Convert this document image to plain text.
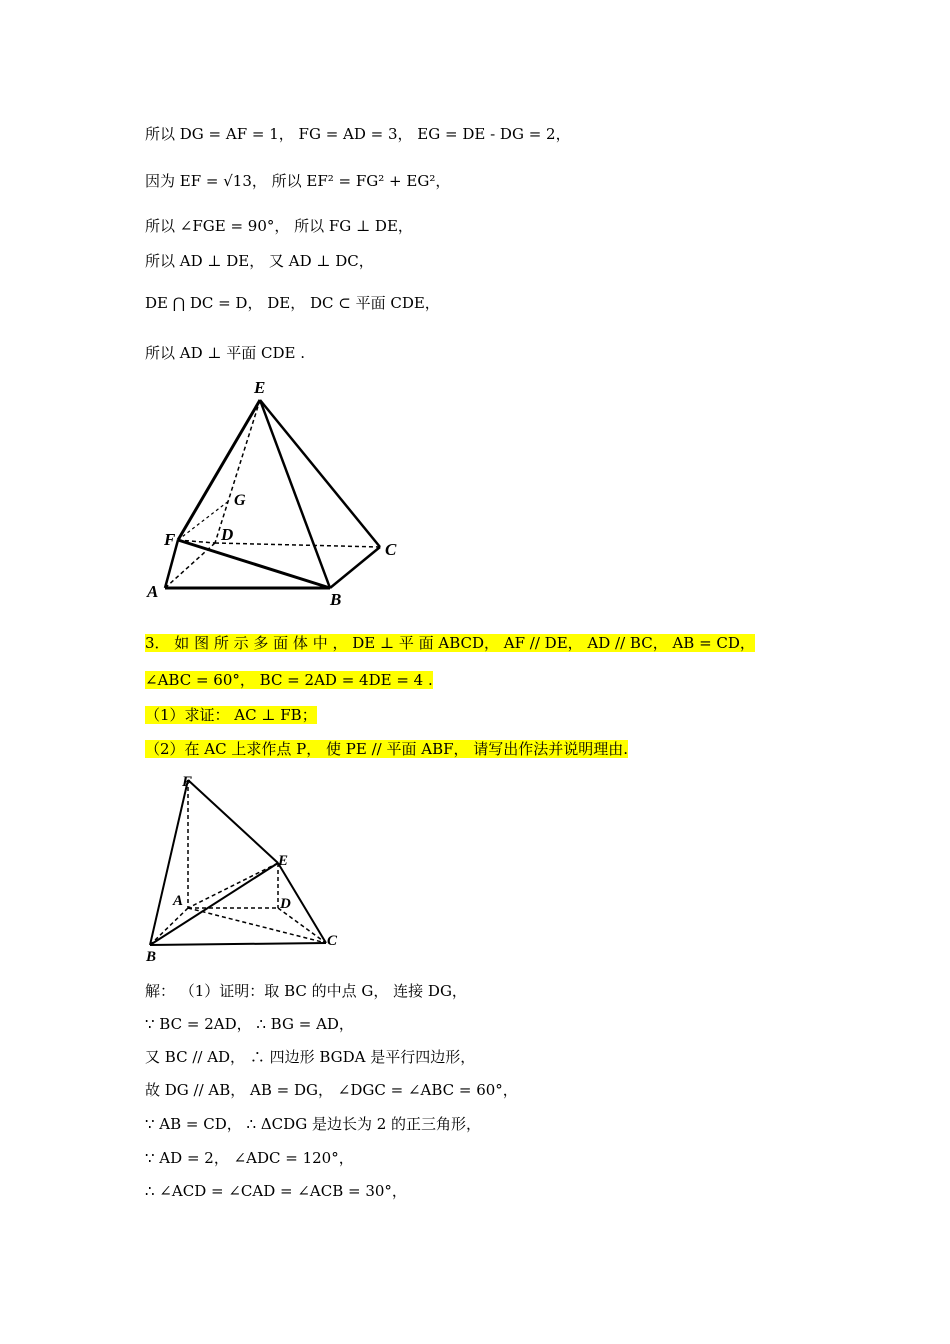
所以 DG = AF = 1， FG = AD = 3， EG = DE - DG = 2，
因为 EF = √13， 所以 EF² = FG² + EG²，
所以 ∠FGE = 90°， 所以 FG ⊥ DE，
所以 AD ⊥ DE， 又 AD ⊥ DC，
DE ⋂ DC = D， DE， DC ⊂ 平面 CDE，
所以 AD ⊥ 平面 CDE .
E
G
F	D
C
A	B
3． 如 图 所 示 多 面 体 中 ， DE ⊥ 平 面 ABCD， AF // DE， AD // BC， AB = CD，
∠ABC = 60°， BC = 2AD = 4DE = 4 .
（1）求证： AC ⊥ FB；
（2）在 AC 上求作点 P， 使 PE // 平面 ABF， 请写出作法并说明理由.
F
E
A	D
B
C
解： （1）证明：取 BC 的中点 G， 连接 DG，
∵ BC = 2AD， ∴ BG = AD，
又 BC // AD， ∴ 四边形 BGDA 是平行四边形，
故 DG // AB， AB = DG， ∠DGC = ∠ABC = 60°，
∵ AB = CD， ∴ ΔCDG 是边长为 2 的正三角形，
∵ AD = 2， ∠ADC = 120°，
∴ ∠ACD = ∠CAD = ∠ACB = 30°，
